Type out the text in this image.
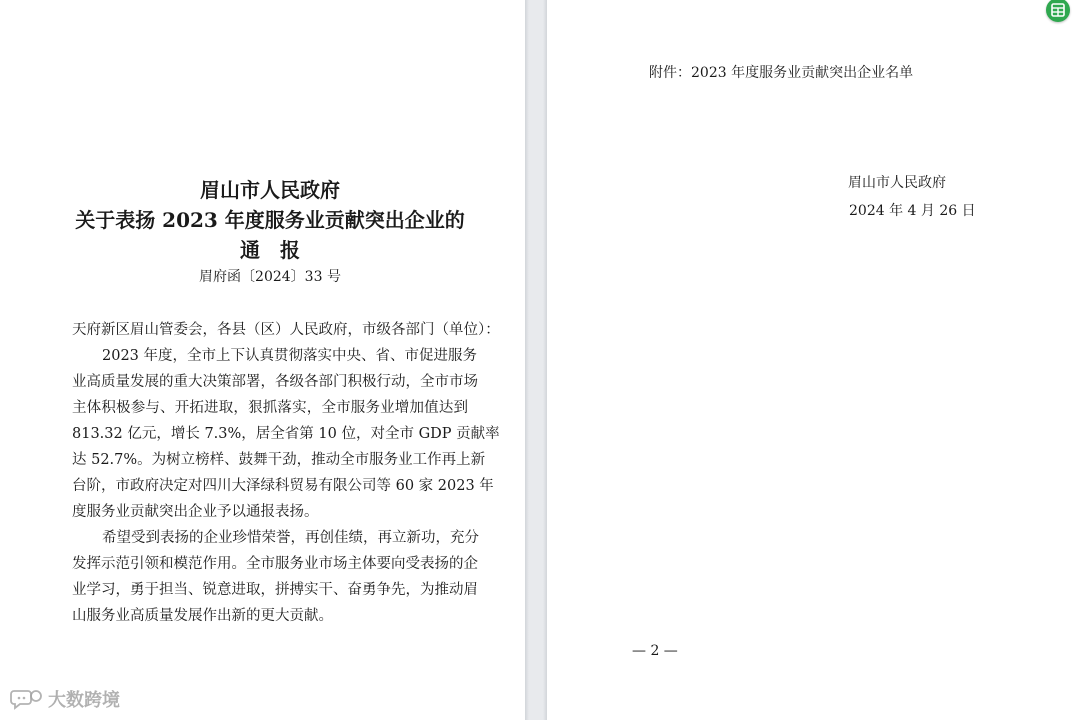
眉山市人民政府
关于表扬 2023 年度服务业贡献突出企业的
通　报
眉府函〔2024〕33 号
天府新区眉山管委会，各县（区）人民政府，市级各部门（单位）：
2023 年度，全市上下认真贯彻落实中央、省、市促进服务
业高质量发展的重大决策部署，各级各部门积极行动，全市市场
主体积极参与、开拓进取，狠抓落实，全市服务业增加值达到
813.32 亿元，增长 7.3%，居全省第 10 位，对全市 GDP 贡献率
达 52.7%。为树立榜样、鼓舞干劲，推动全市服务业工作再上新
台阶，市政府决定对四川大泽绿科贸易有限公司等 60 家 2023 年
度服务业贡献突出企业予以通报表扬。
希望受到表扬的企业珍惜荣誉，再创佳绩，再立新功，充分
发挥示范引领和模范作用。全市服务业市场主体要向受表扬的企
业学习，勇于担当、锐意进取，拼搏实干、奋勇争先，为推动眉
山服务业高质量发展作出新的更大贡献。
附件：2023 年度服务业贡献突出企业名单
眉山市人民政府
2024 年 4 月 26 日
— 2 —
大数跨境
